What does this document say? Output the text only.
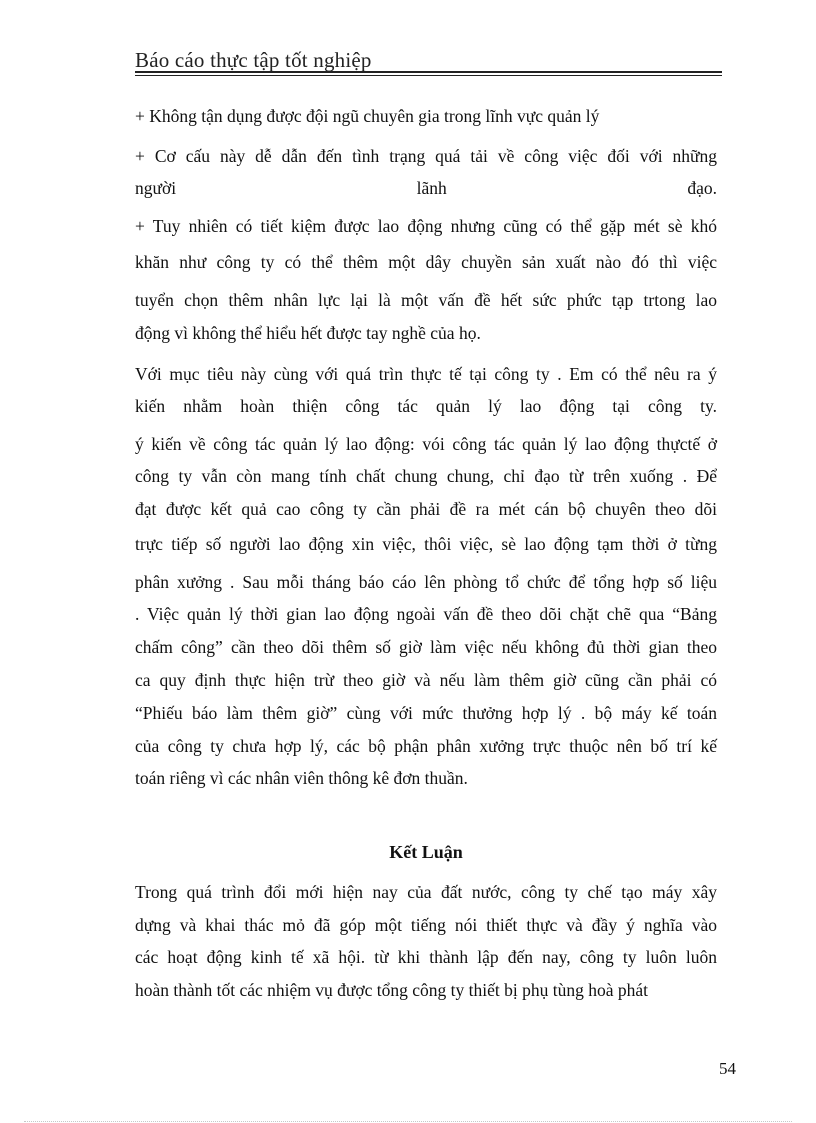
Báo cáo thực tập tốt nghiệp
+ Không tận dụng được đội ngũ chuyên gia trong lĩnh vực quản lý
+ Cơ cấu này dễ dẫn đến tình trạng quá tải về công việc đối với những
người lãnh đạo.
+ Tuy nhiên có tiết kiệm được lao động nhưng cũng có thể gặp mét sè khó
khăn như công ty có thể thêm một dây chuyền sản xuất nào đó thì việc
tuyển chọn thêm nhân lực lại là một vấn đề hết sức phức tạp trtong lao
động vì không thể hiểu hết được tay nghề của họ.
Với mục tiêu này cùng với quá trìn thực tế tại công ty . Em có thể nêu ra ý
kiến nhằm hoàn thiện công tác quản lý lao động tại công ty.
ý kiến về công tác quản lý lao động: vói công tác quản lý lao động thựctế ở
công ty vẫn còn mang tính chất chung chung, chỉ đạo từ trên xuống . Để
đạt được kết quả cao công ty cần phải đề ra mét cán bộ chuyên theo dõi
trực tiếp số người lao động xin việc, thôi việc, sè lao động tạm thời ở từng
phân xưởng . Sau mỗi tháng báo cáo lên phòng tổ chức để tổng hợp số liệu
. Việc quản lý thời gian lao động ngoài vấn đề theo dõi chặt chẽ qua “Bảng
chấm công” cần theo dõi thêm số giờ làm việc nếu không đủ thời gian theo
ca quy định thực hiện trừ theo giờ và nếu làm thêm giờ cũng cần phải có
“Phiếu báo làm thêm giờ” cùng với mức thưởng hợp lý . bộ máy kế toán
của công ty chưa hợp lý, các bộ phận phân xưởng trực thuộc nên bố trí kế
toán riêng vì các nhân viên thông kê đơn thuần.
Kết Luận
Trong quá trình đổi mới hiện nay của đất nước, công ty chế tạo máy xây
dựng và khai thác mỏ đã góp một tiếng nói thiết thực và đầy ý nghĩa vào
các hoạt động kinh tế xã hội. từ khi thành lập đến nay, công ty luôn luôn
hoàn thành tốt các nhiệm vụ được tổng công ty thiết bị phụ tùng hoà phát
54
